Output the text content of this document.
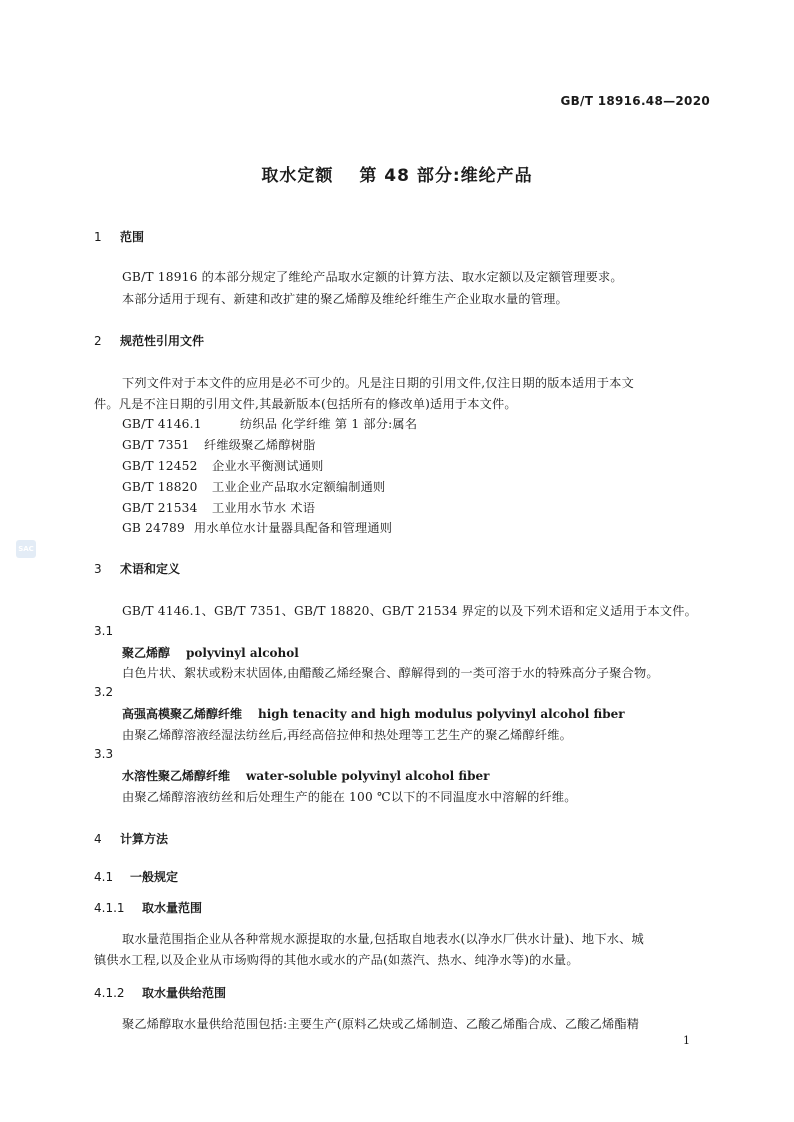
GB/T 18916.48—2020
取水定额 第 48 部分:维纶产品
1 范围
GB/T 18916 的本部分规定了维纶产品取水定额的计算方法、取水定额以及定额管理要求。
本部分适用于现有、新建和改扩建的聚乙烯醇及维纶纤维生产企业取水量的管理。
2 规范性引用文件
下列文件对于本文件的应用是必不可少的。凡是注日期的引用文件,仅注日期的版本适用于本文
件。凡是不注日期的引用文件,其最新版本(包括所有的修改单)适用于本文件。
GB/T 4146.1	纺织品 化学纤维 第 1 部分:属名
GB/T 7351 纤维级聚乙烯醇树脂
GB/T 12452 企业水平衡测试通则
GB/T 18820 工业企业产品取水定额编制通则
GB/T 21534 工业用水节水 术语
GB 24789 用水单位水计量器具配备和管理通则
SAC
3 术语和定义
GB/T 4146.1、GB/T 7351、GB/T 18820、GB/T 21534 界定的以及下列术语和定义适用于本文件。
3.1
聚乙烯醇 polyvinyl alcohol
白色片状、絮状或粉末状固体,由醋酸乙烯经聚合、醇解得到的一类可溶于水的特殊高分子聚合物。
3.2
高强高模聚乙烯醇纤维 high tenacity and high modulus polyvinyl alcohol fiber
由聚乙烯醇溶液经湿法纺丝后,再经高倍拉伸和热处理等工艺生产的聚乙烯醇纤维。
3.3
水溶性聚乙烯醇纤维 water-soluble polyvinyl alcohol fiber
由聚乙烯醇溶液纺丝和后处理生产的能在 100 ℃以下的不同温度水中溶解的纤维。
4 计算方法
4.1 一般规定
4.1.1 取水量范围
取水量范围指企业从各种常规水源提取的水量,包括取自地表水(以净水厂供水计量)、地下水、城
镇供水工程,以及企业从市场购得的其他水或水的产品(如蒸汽、热水、纯净水等)的水量。
4.1.2 取水量供给范围
聚乙烯醇取水量供给范围包括:主要生产(原料乙炔或乙烯制造、乙酸乙烯酯合成、乙酸乙烯酯精
1
